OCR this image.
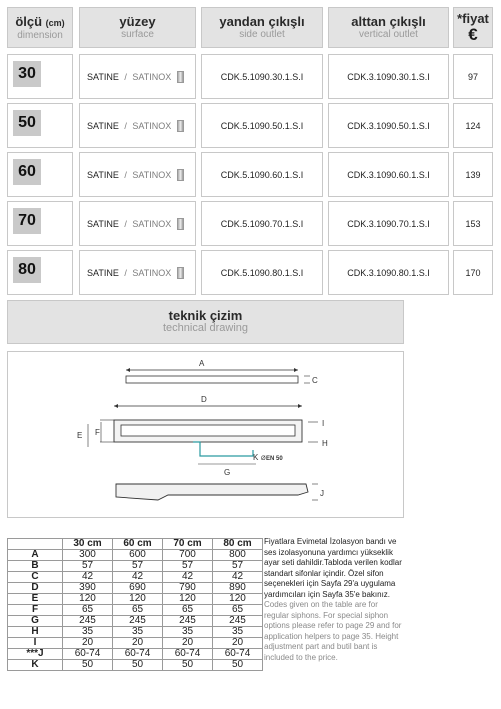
ölçü (cm)
dimension
yüzey
surface
yandan çıkışlı
side outlet
alttan çıkışlı
vertical outlet
*fiyat
€
30	SATINE / SATINOX	CDK.5.1090.30.1.S.I	CDK.3.1090.30.1.S.I	97
50	SATINE / SATINOX	CDK.5.1090.50.1.S.I	CDK.3.1090.50.1.S.I	124
60	SATINE / SATINOX	CDK.5.1090.60.1.S.I	CDK.3.1090.60.1.S.I	139
70	SATINE / SATINOX	CDK.5.1090.70.1.S.I	CDK.3.1090.70.1.S.I	153
80	SATINE / SATINOX	CDK.5.1090.80.1.S.I	CDK.3.1090.80.1.S.I	170
teknik çizim
technical drawing
A
C
D
E F
I
H
K Ø EN 50
G
J
	30 cm	60 cm	70 cm	80 cm
A	300	600	700	800
B	57	57	57	57
C	42	42	42	42
D	390	690	790	890
E	120	120	120	120
F	65	65	65	65
G	245	245	245	245
H	35	35	35	35
I	20	20	20	20
***J	60-74	60-74	60-74	60-74
K	50	50	50	50
Fiyatlara Evimetal İzolasyon bandı ve ses izolasyonuna yardımcı yükseklik ayar seti dahildir.Tabloda verilen kodlar standart sifonlar içindir. Özel sifon seçenekleri için Sayfa 29'a uygulama yardımcıları için Sayfa 35'e bakınız.
Codes given on the table are for regular siphons. For special siphon options please refer to page 29 and for application helpers to page 35. Height adjustment part and butil bant is included to the price.
